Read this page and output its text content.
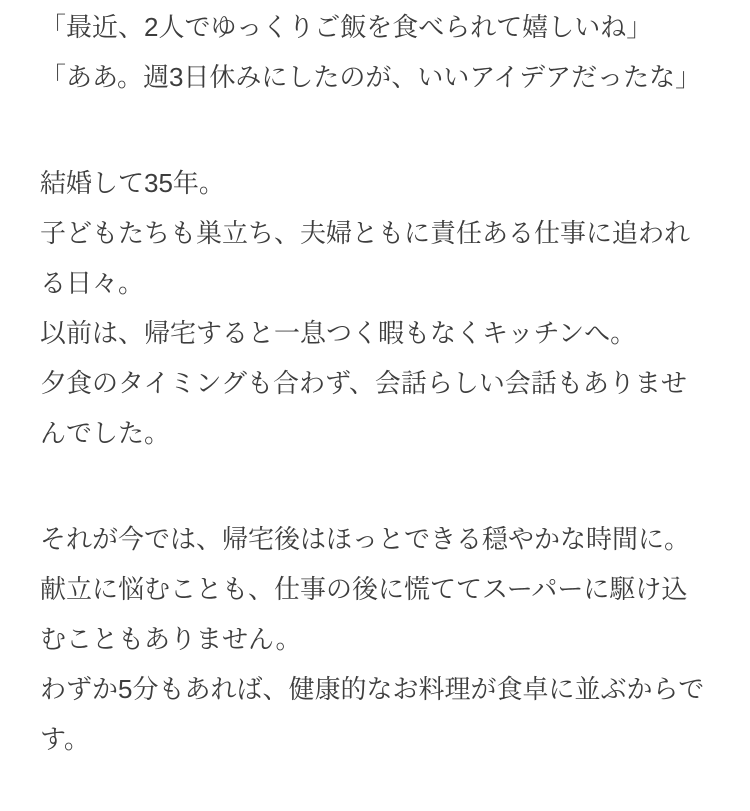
「最近、2人でゆっくりご飯を食べられて嬉しいね」
「ああ。週3日休みにしたのが、いいアイデアだったな」

結婚して35年。
子どもたちも巣立ち、夫婦ともに責任ある仕事に追われる日々。
以前は、帰宅すると一息つく暇もなくキッチンへ。
夕食のタイミングも合わず、会話らしい会話もありませんでした。

それが今では、帰宅後はほっとできる穏やかな時間に。
献立に悩むことも、仕事の後に慌ててスーパーに駆け込むこともありません。
わずか5分もあれば、健康的なお料理が食卓に並ぶからです。
